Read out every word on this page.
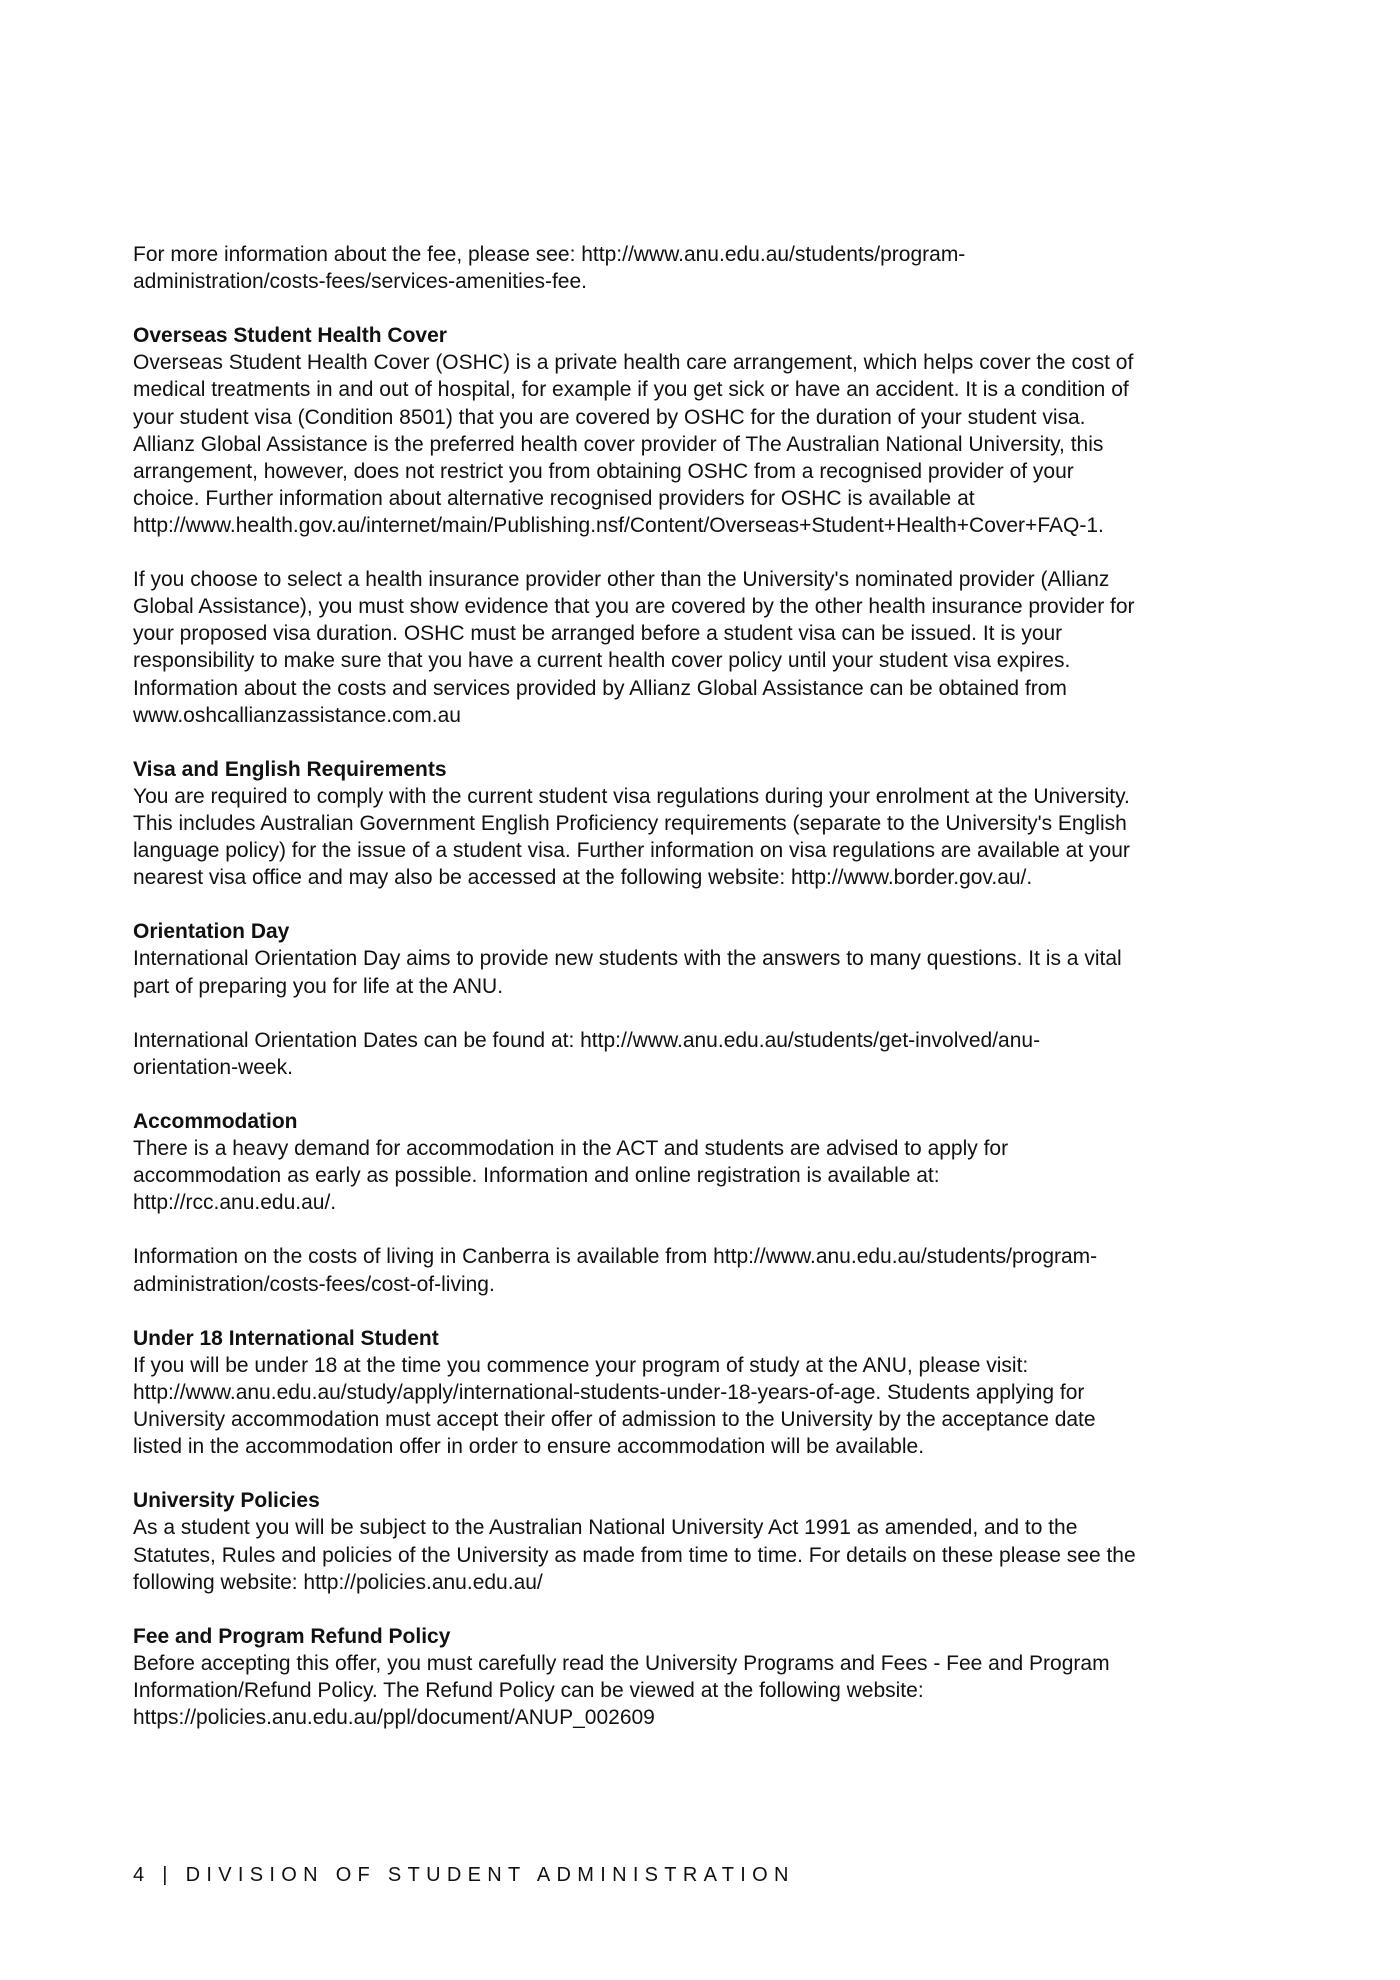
For more information about the fee, please see: http://www.anu.edu.au/students/program-
administration/costs-fees/services-amenities-fee.
Overseas Student Health Cover
Overseas Student Health Cover (OSHC) is a private health care arrangement, which helps cover the cost of
medical treatments in and out of hospital, for example if you get sick or have an accident. It is a condition of
your student visa (Condition 8501) that you are covered by OSHC for the duration of your student visa.
Allianz Global Assistance is the preferred health cover provider of The Australian National University, this
arrangement, however, does not restrict you from obtaining OSHC from a recognised provider of your
choice. Further information about alternative recognised providers for OSHC is available at
http://www.health.gov.au/internet/main/Publishing.nsf/Content/Overseas+Student+Health+Cover+FAQ-1.
If you choose to select a health insurance provider other than the University's nominated provider (Allianz
Global Assistance), you must show evidence that you are covered by the other health insurance provider for
your proposed visa duration. OSHC must be arranged before a student visa can be issued. It is your
responsibility to make sure that you have a current health cover policy until your student visa expires.
Information about the costs and services provided by Allianz Global Assistance can be obtained from
www.oshcallianzassistance.com.au
Visa and English Requirements
You are required to comply with the current student visa regulations during your enrolment at the University.
This includes Australian Government English Proficiency requirements (separate to the University's English
language policy) for the issue of a student visa. Further information on visa regulations are available at your
nearest visa office and may also be accessed at the following website: http://www.border.gov.au/.
Orientation Day
International Orientation Day aims to provide new students with the answers to many questions. It is a vital
part of preparing you for life at the ANU.
International Orientation Dates can be found at: http://www.anu.edu.au/students/get-involved/anu-
orientation-week.
Accommodation
There is a heavy demand for accommodation in the ACT and students are advised to apply for
accommodation as early as possible. Information and online registration is available at:
http://rcc.anu.edu.au/.
Information on the costs of living in Canberra is available from http://www.anu.edu.au/students/program-
administration/costs-fees/cost-of-living.
Under 18 International Student
If you will be under 18 at the time you commence your program of study at the ANU, please visit:
http://www.anu.edu.au/study/apply/international-students-under-18-years-of-age. Students applying for
University accommodation must accept their offer of admission to the University by the acceptance date
listed in the accommodation offer in order to ensure accommodation will be available.
University Policies
As a student you will be subject to the Australian National University Act 1991 as amended, and to the
Statutes, Rules and policies of the University as made from time to time. For details on these please see the
following website: http://policies.anu.edu.au/
Fee and Program Refund Policy
Before accepting this offer, you must carefully read the University Programs and Fees - Fee and Program
Information/Refund Policy. The Refund Policy can be viewed at the following website:
https://policies.anu.edu.au/ppl/document/ANUP_002609
4 | DIVISION OF STUDENT ADMINISTRATION
